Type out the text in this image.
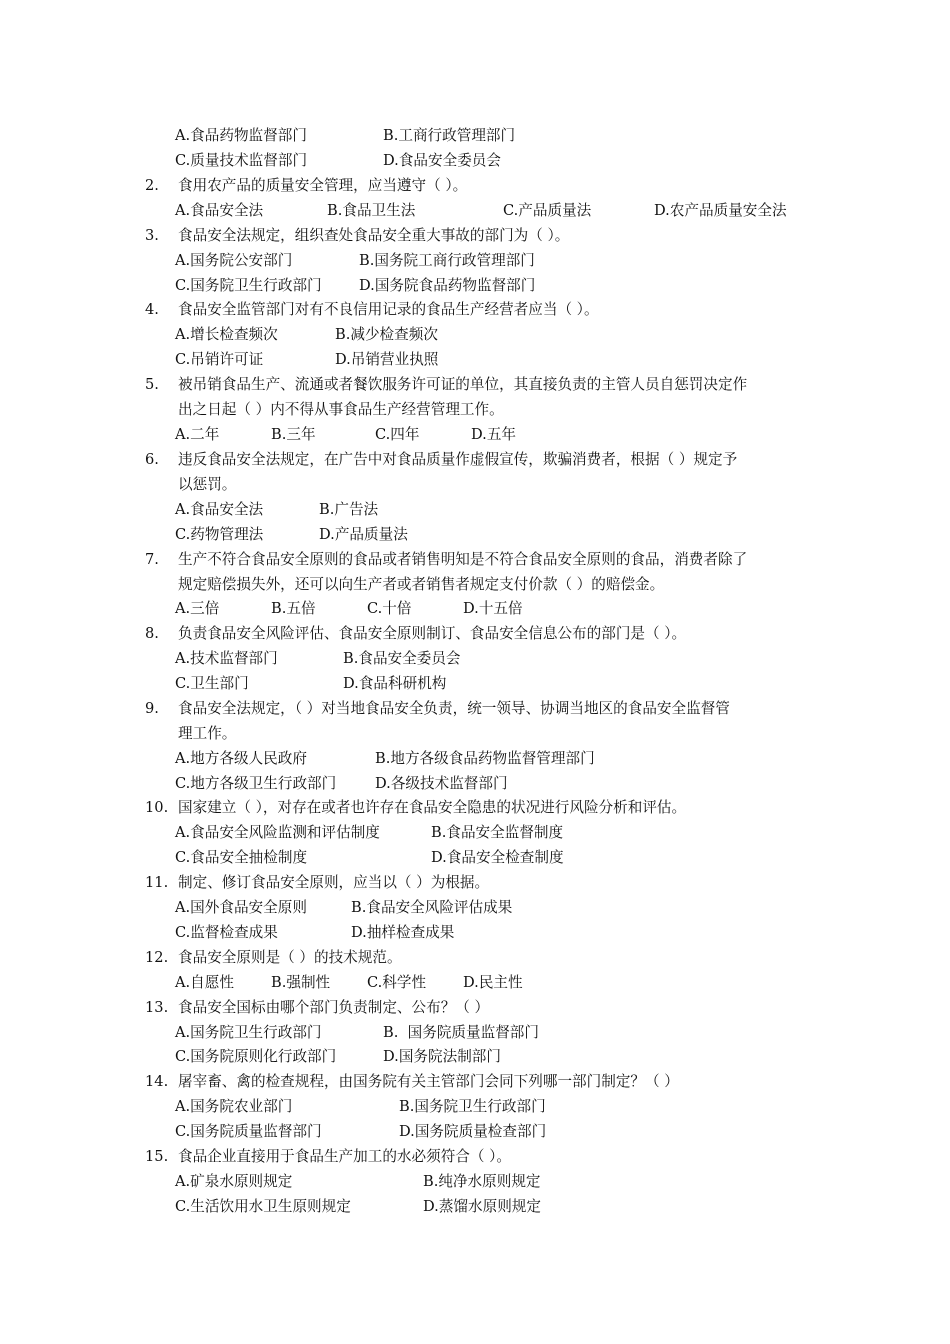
A.食品药物监督部门	B.工商行政管理部门
C.质量技术监督部门	D.食品安全委员会
2. 食用农产品的质量安全管理，应当遵守（ ）。
A.食品安全法	B.食品卫生法	C.产品质量法	D.农产品质量安全法
3. 食品安全法规定，组织查处食品安全重大事故的部门为（ ）。
A.国务院公安部门	B.国务院工商行政管理部门
C.国务院卫生行政部门	D.国务院食品药物监督部门
4. 食品安全监管部门对有不良信用记录的食品生产经营者应当（ ）。
A.增长检查频次	B.减少检查频次
C.吊销许可证	D.吊销营业执照
5. 被吊销食品生产、流通或者餐饮服务许可证的单位，其直接负责的主管人员自惩罚决定作
出之日起（ ）内不得从事食品生产经营管理工作。
A.二年	B.三年	C.四年	D.五年
6. 违反食品安全法规定，在广告中对食品质量作虚假宣传，欺骗消费者，根据（ ）规定予
以惩罚。
A.食品安全法	B.广告法
C.药物管理法	D.产品质量法
7. 生产不符合食品安全原则的食品或者销售明知是不符合食品安全原则的食品，消费者除了
规定赔偿损失外，还可以向生产者或者销售者规定支付价款（ ）的赔偿金。
A.三倍	B.五倍	C.十倍	D.十五倍
8. 负责食品安全风险评估、食品安全原则制订、食品安全信息公布的部门是（ ）。
A.技术监督部门	B.食品安全委员会
C.卫生部门	D.食品科研机构
9. 食品安全法规定，（ ）对当地食品安全负责，统一领导、协调当地区的食品安全监督管
理工作。
A.地方各级人民政府	B.地方各级食品药物监督管理部门
C.地方各级卫生行政部门	D.各级技术监督部门
10. 国家建立（ ），对存在或者也许存在食品安全隐患的状况进行风险分析和评估。
A.食品安全风险监测和评估制度	B.食品安全监督制度
C.食品安全抽检制度	D.食品安全检查制度
11. 制定、修订食品安全原则，应当以（ ）为根据。
A.国外食品安全原则	B.食品安全风险评估成果
C.监督检查成果	D.抽样检查成果
12. 食品安全原则是（ ）的技术规范。
A.自愿性	B.强制性	C.科学性	D.民主性
13. 食品安全国标由哪个部门负责制定、公布？（ ）
A.国务院卫生行政部门	B.  国务院质量监督部门
C.国务院原则化行政部门	D.国务院法制部门
14. 屠宰畜、禽的检查规程，由国务院有关主管部门会同下列哪一部门制定？（ ）
A.国务院农业部门	B.国务院卫生行政部门
C.国务院质量监督部门	D.国务院质量检查部门
15. 食品企业直接用于食品生产加工的水必须符合（ ）。
A.矿泉水原则规定	B.纯净水原则规定
C.生活饮用水卫生原则规定	D.蒸馏水原则规定
